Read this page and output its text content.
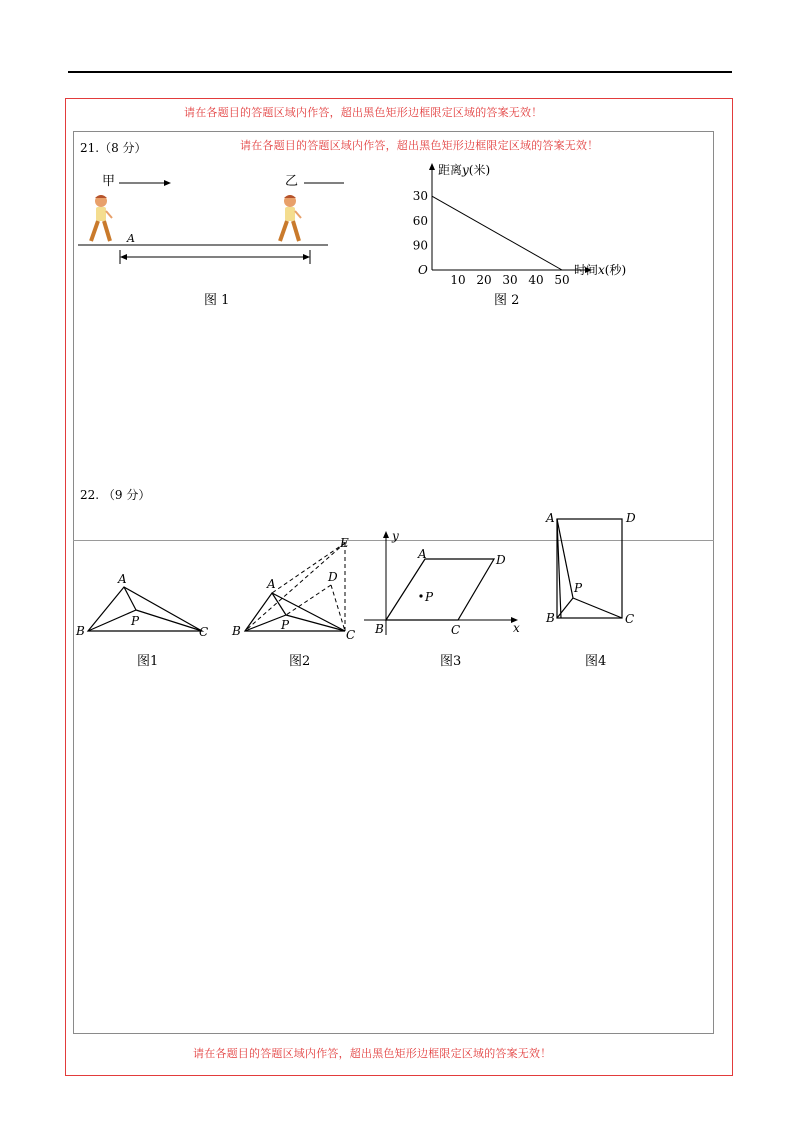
请在各题目的答题区域内作答，超出黑色矩形边框限定区域的答案无效！
请在各题目的答题区域内作答，超出黑色矩形边框限定区域的答案无效！
请在各题目的答题区域内作答，超出黑色矩形边框限定区域的答案无效！
21.（8 分）
甲	乙
A
图 1
90
60
30
10 20 30 40 50
距离y(米)
时间x(秒)
O
图 2
22. （9 分）
A
B	C
P
图1
A
B	C
P
D
E
图2
A	D
B	C
P
x
y
图3
A	D
B	C
P
图4
